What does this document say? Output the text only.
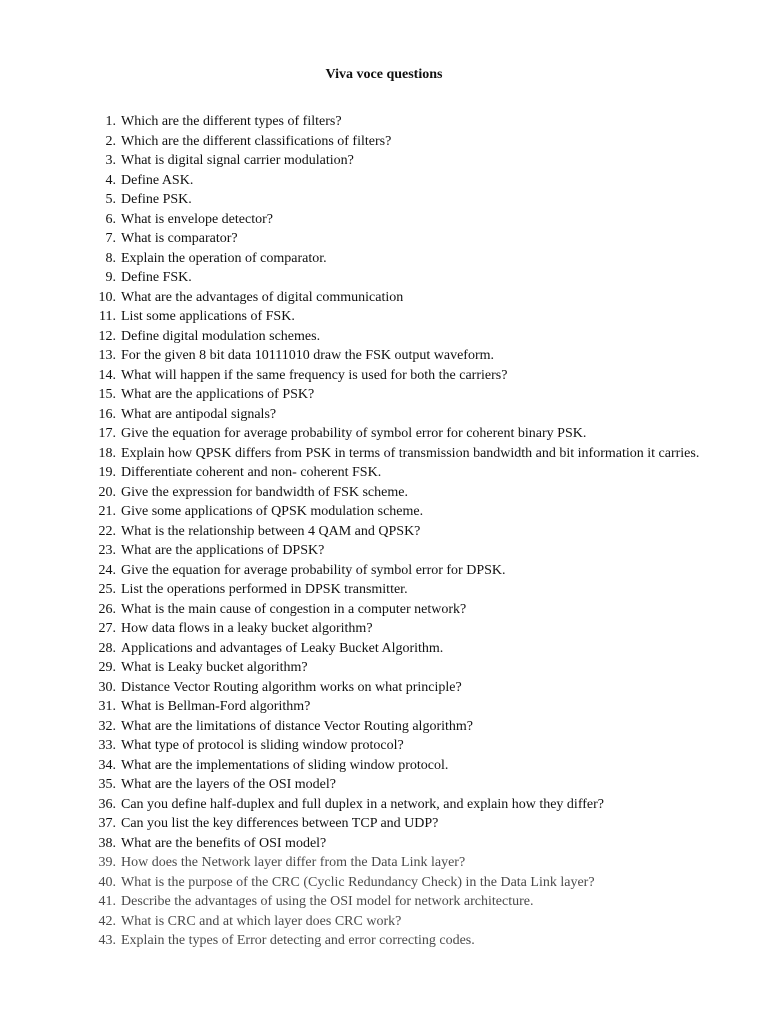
Viva voce questions
1. Which are the different types of filters?
2. Which are the different classifications of filters?
3. What is digital signal carrier modulation?
4. Define ASK.
5. Define PSK.
6. What is envelope detector?
7. What is comparator?
8. Explain the operation of comparator.
9. Define FSK.
10. What are the advantages of digital communication
11. List some applications of FSK.
12. Define digital modulation schemes.
13. For the given 8 bit data 10111010 draw the FSK output waveform.
14. What will happen if the same frequency is used for both the carriers?
15. What are the applications of PSK?
16. What are antipodal signals?
17. Give the equation for average probability of symbol error for coherent binary PSK.
18. Explain how QPSK differs from PSK in terms of transmission bandwidth and bit information it carries.
19. Differentiate coherent and non- coherent FSK.
20. Give the expression for bandwidth of FSK scheme.
21. Give some applications of QPSK modulation scheme.
22. What is the relationship between 4 QAM and QPSK?
23. What are the applications of DPSK?
24. Give the equation for average probability of symbol error for DPSK.
25. List the operations performed in DPSK transmitter.
26. What is the main cause of congestion in a computer network?
27. How data flows in a leaky bucket algorithm?
28. Applications and advantages of Leaky Bucket Algorithm.
29. What is Leaky bucket algorithm?
30. Distance Vector Routing algorithm works on what principle?
31. What is Bellman-Ford algorithm?
32. What are the limitations of distance Vector Routing algorithm?
33. What type of protocol is sliding window protocol?
34. What are the implementations of sliding window protocol.
35. What are the layers of the OSI model?
36. Can you define half-duplex and full duplex in a network, and explain how they differ?
37. Can you list the key differences between TCP and UDP?
38. What are the benefits of OSI model?
39. How does the Network layer differ from the Data Link layer?
40. What is the purpose of the CRC (Cyclic Redundancy Check) in the Data Link layer?
41. Describe the advantages of using the OSI model for network architecture.
42. What is CRC and at which layer does CRC work?
43. Explain the types of Error detecting and error correcting codes.
